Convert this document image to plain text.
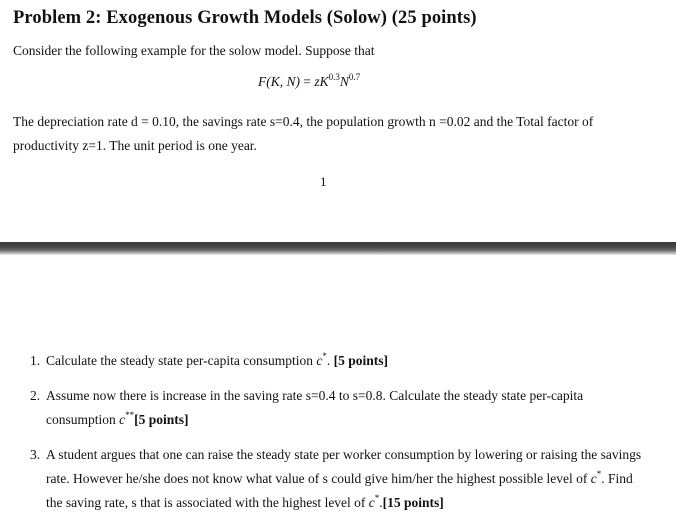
Problem 2: Exogenous Growth Models (Solow) (25 points)
Consider the following example for the solow model. Suppose that
F(K, $N) = zK^{0.3}N^{0.7}$
The depreciation rate d = 0.10, the savings rate s=0.4, the population growth n =0.02 and the Total factor of productivity z=1. The unit period is one year.
1
1. Calculate the steady state per-capita consumption c*. [5 points]
2. Assume now there is increase in the saving rate s=0.4 to s=0.8. Calculate the steady state per-capita consumption c**[5 points]
3. A student argues that one can raise the steady state per worker consumption by lowering or raising the savings rate. However he/she does not know what value of s could give him/her the highest possible level of c*. Find the saving rate, s that is associated with the highest level of c*.[15 points]
